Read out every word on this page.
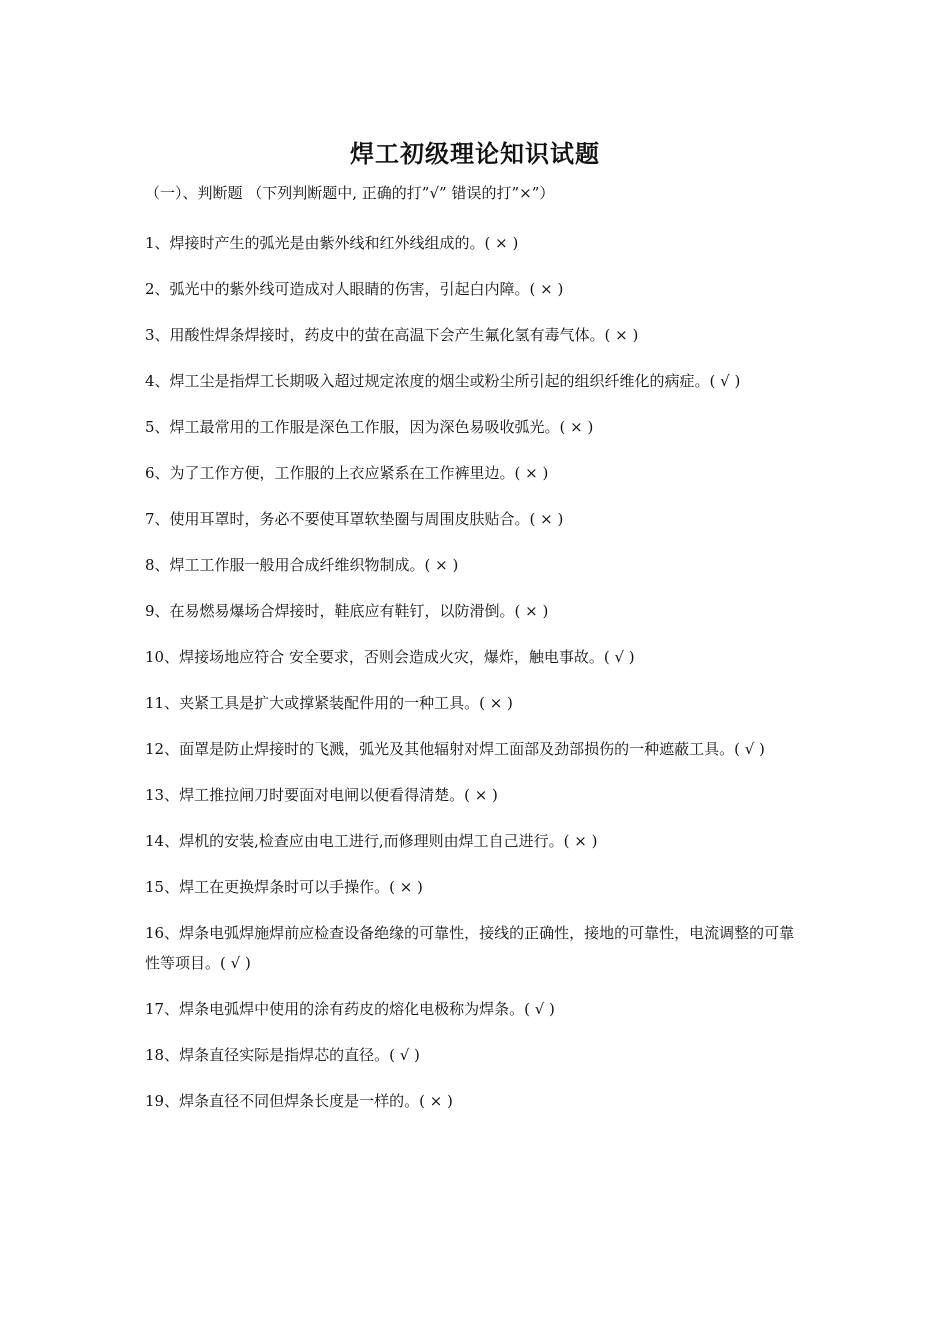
焊工初级理论知识试题
（一）、判断题 （下列判断题中, 正确的打”√” 错误的打”×”）
1、焊接时产生的弧光是由紫外线和红外线组成的。( × )
2、弧光中的紫外线可造成对人眼睛的伤害，引起白内障。( × )
3、用酸性焊条焊接时，药皮中的萤在高温下会产生氟化氢有毒气体。( × )
4、焊工尘是指焊工长期吸入超过规定浓度的烟尘或粉尘所引起的组织纤维化的病症。( √ )
5、焊工最常用的工作服是深色工作服，因为深色易吸收弧光。( × )
6、为了工作方便，工作服的上衣应紧系在工作裤里边。( × )
7、使用耳罩时，务必不要使耳罩软垫圈与周围皮肤贴合。( × )
8、焊工工作服一般用合成纤维织物制成。( × )
9、在易燃易爆场合焊接时，鞋底应有鞋钉，以防滑倒。( × )
10、焊接场地应符合 安全要求，否则会造成火灾，爆炸，触电事故。( √ )
11、夹紧工具是扩大或撑紧装配件用的一种工具。( × )
12、面罩是防止焊接时的飞溅，弧光及其他辐射对焊工面部及劲部损伤的一种遮蔽工具。( √ )
13、焊工推拉闸刀时要面对电闸以便看得清楚。( × )
14、焊机的安装,检查应由电工进行,而修理则由焊工自己进行。( × )
15、焊工在更换焊条时可以手操作。( × )
16、焊条电弧焊施焊前应检查设备绝缘的可靠性，接线的正确性，接地的可靠性，电流调整的可靠性等项目。( √ )
17、焊条电弧焊中使用的涂有药皮的熔化电极称为焊条。( √ )
18、焊条直径实际是指焊芯的直径。( √ )
19、焊条直径不同但焊条长度是一样的。( × )
